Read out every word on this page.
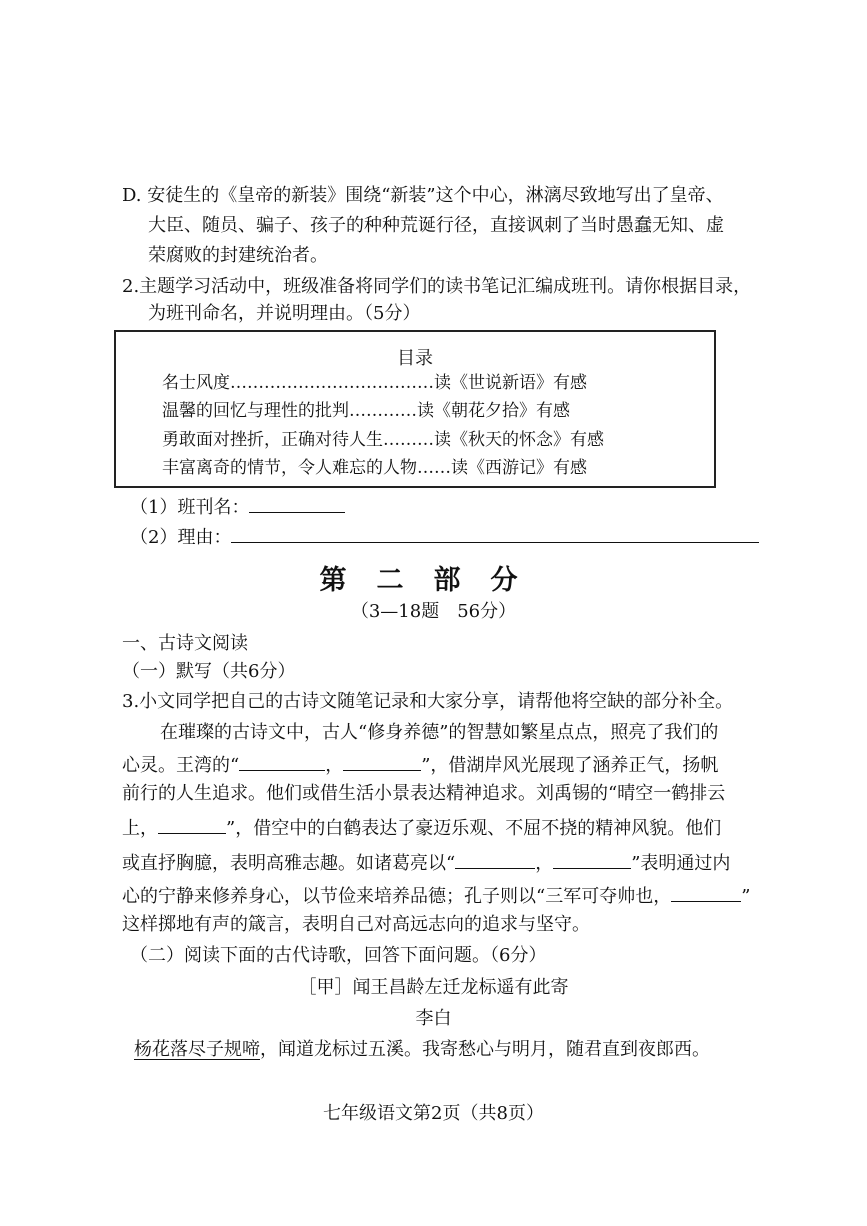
D. 安徒生的《皇帝的新装》围绕“新装”这个中心，淋漓尽致地写出了皇帝、
大臣、随员、骗子、孩子的种种荒诞行径，直接讽刺了当时愚蠢无知、虚
荣腐败的封建统治者。
2.主题学习活动中，班级准备将同学们的读书笔记汇编成班刊。请你根据目录，
为班刊命名，并说明理由。（5分）
目录
名士风度………………………………读《世说新语》有感
温馨的回忆与理性的批判…………读《朝花夕拾》有感
勇敢面对挫折，正确对待人生………读《秋天的怀念》有感
丰富离奇的情节，令人难忘的人物……读《西游记》有感
（1）班刊名：
（2）理由：
第二部分
（3—18题　56分）
一、古诗文阅读
（一）默写（共6分）
3.小文同学把自己的古诗文随笔记录和大家分享，请帮他将空缺的部分补全。
在璀璨的古诗文中，古人“修身养德”的智慧如繁星点点，照亮了我们的
心灵。王湾的“	，	”，借湖岸风光展现了涵养正气，扬帆
前行的人生追求。他们或借生活小景表达精神追求。刘禹锡的“晴空一鹤排云
上，	”，借空中的白鹤表达了豪迈乐观、不屈不挠的精神风貌。他们
或直抒胸臆，表明高雅志趣。如诸葛亮以“	，	”表明通过内
心的宁静来修养身心，以节俭来培养品德；孔子则以“三军可夺帅也，	”
这样掷地有声的箴言，表明自己对高远志向的追求与坚守。
（二）阅读下面的古代诗歌，回答下面问题。（6分）
［甲］闻王昌龄左迁龙标遥有此寄
李白
杨花落尽子规啼，闻道龙标过五溪。我寄愁心与明月，随君直到夜郎西。
七年级语文第2页（共8页）
